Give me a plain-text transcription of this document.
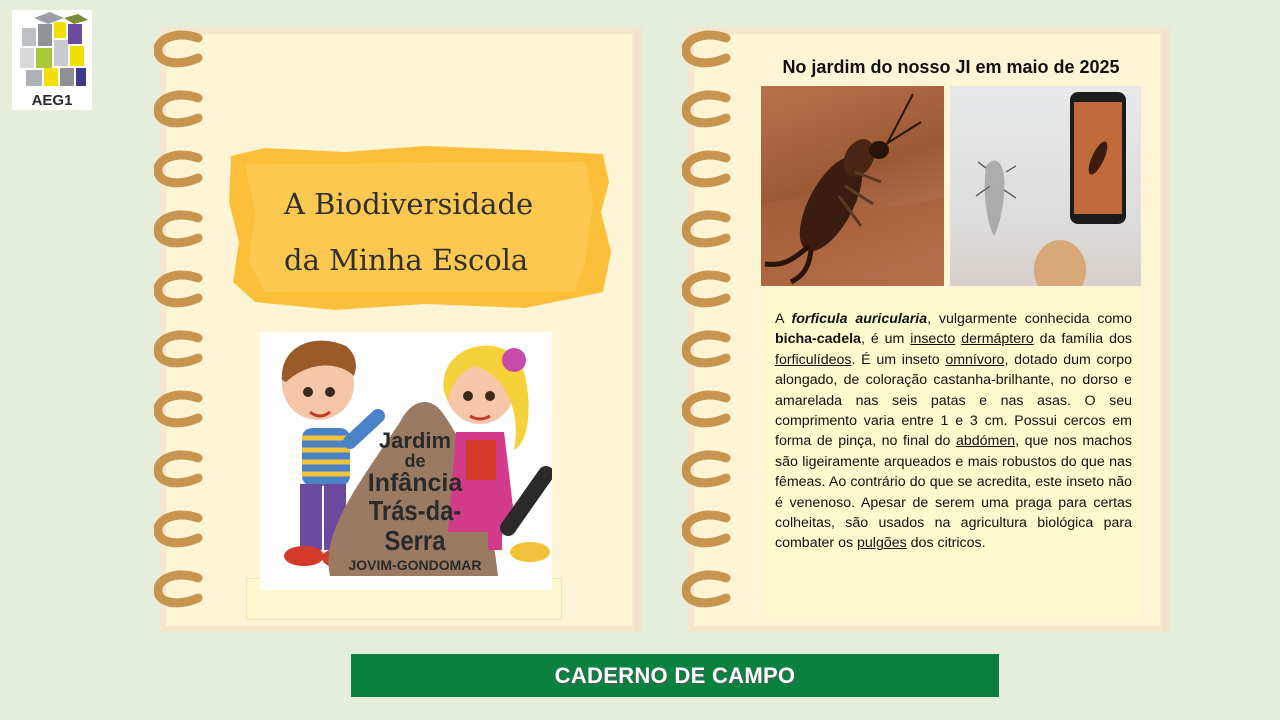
AEG1
A Biodiversidade
da Minha Escola
Jardim
de
Infância
Trás-da-Serra
JOVIM-GONDOMAR
No jardim do nosso JI em maio de 2025
A forficula auricularia, vulgarmente conhecida como bicha-cadela, é um insecto dermáptero da família dos forficulídeos. É um inseto omnívoro, dotado dum corpo alongado, de coloração castanha-brilhante, no dorso e amarelada nas seis patas e nas asas. O seu comprimento varia entre 1 e 3 cm. Possui cercos em forma de pinça, no final do abdómen, que nos machos são ligeiramente arqueados e mais robustos do que nas fêmeas. Ao contrário do que se acredita, este inseto não é venenoso. Apesar de serem uma praga para certas colheitas, são usados na agricultura biológica para combater os pulgões dos citricos.
CADERNO DE CAMPO
